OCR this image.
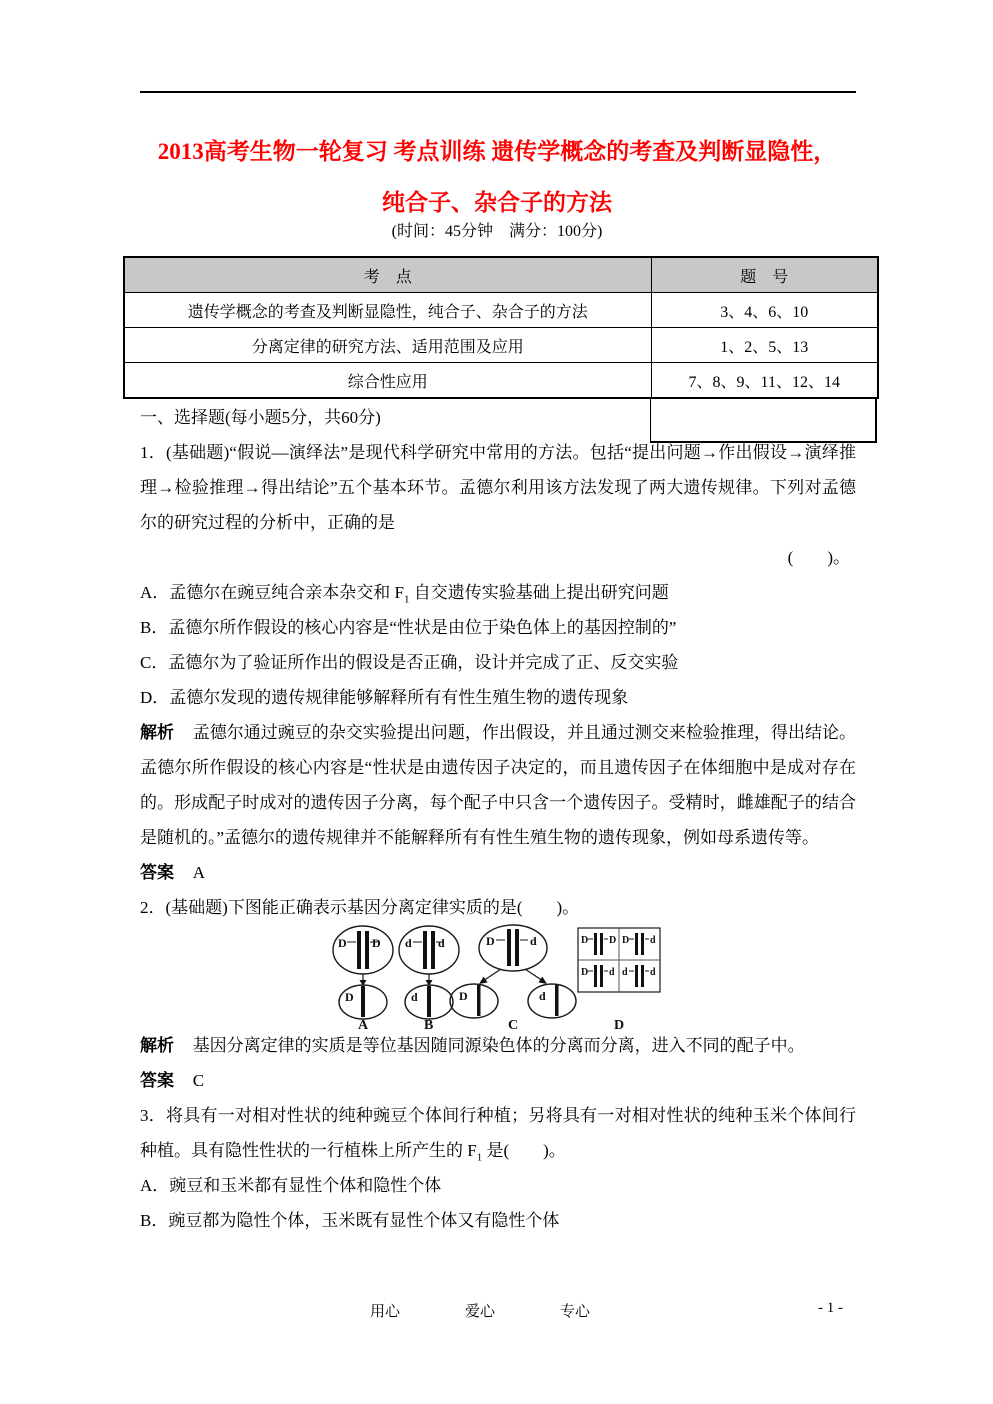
2013高考生物一轮复习 考点训练 遗传学概念的考查及判断显隐性，
纯合子、杂合子的方法
(时间：45分钟　满分：100分)
考　点	题　号
遗传学概念的考查及判断显隐性，纯合子、杂合子的方法	3、4、6、10
分离定律的研究方法、适用范围及应用	1、2、5、13
综合性应用	7、8、9、11、12、14

一、选择题(每小题5分，共60分)

1．(基础题)“假说—演绎法”是现代科学研究中常用的方法。包括“提出问题→作出假设→演绎推理→检验推理→得出结论”五个基本环节。孟德尔利用该方法发现了两大遗传规律。下列对孟德尔的研究过程的分析中，正确的是

(　　)。

A．孟德尔在豌豆纯合亲本杂交和 $F_1$ 自交遗传实验基础上提出研究问题

B．孟德尔所作假设的核心内容是“性状是由位于染色体上的基因控制的”

C．孟德尔为了验证所作出的假设是否正确，设计并完成了正、反交实验

D．孟德尔发现的遗传规律能够解释所有有性生殖生物的遗传现象

解析 孟德尔通过豌豆的杂交实验提出问题，作出假设，并且通过测交来检验推理，得出结论。孟德尔所作假设的核心内容是“性状是由遗传因子决定的，而且遗传因子在体细胞中是成对存在的。形成配子时成对的遗传因子分离，每个配子中只含一个遗传因子。受精时，雌雄配子的结合是随机的。”孟德尔的遗传规律并不能解释所有有性生殖生物的遗传现象，例如母系遗传等。

答案 A

2．(基础题)下图能正确表示基因分离定律实质的是(　　)。

D D
D
A
d d
d
B
D	d
D	d
C
D D D d
D d d d
D

解析 基因分离定律的实质是等位基因随同源染色体的分离而分离，进入不同的配子中。

答案 C

3．将具有一对相对性状的纯种豌豆个体间行种植；另将具有一对相对性状的纯种玉米个体间行种植。具有隐性性状的一行植株上所产生的 $F_1$ 是(　　)。

A．豌豆和玉米都有显性个体和隐性个体

B．豌豆都为隐性个体，玉米既有显性个体又有隐性个体

用心	爱心	专心	- 1 -
